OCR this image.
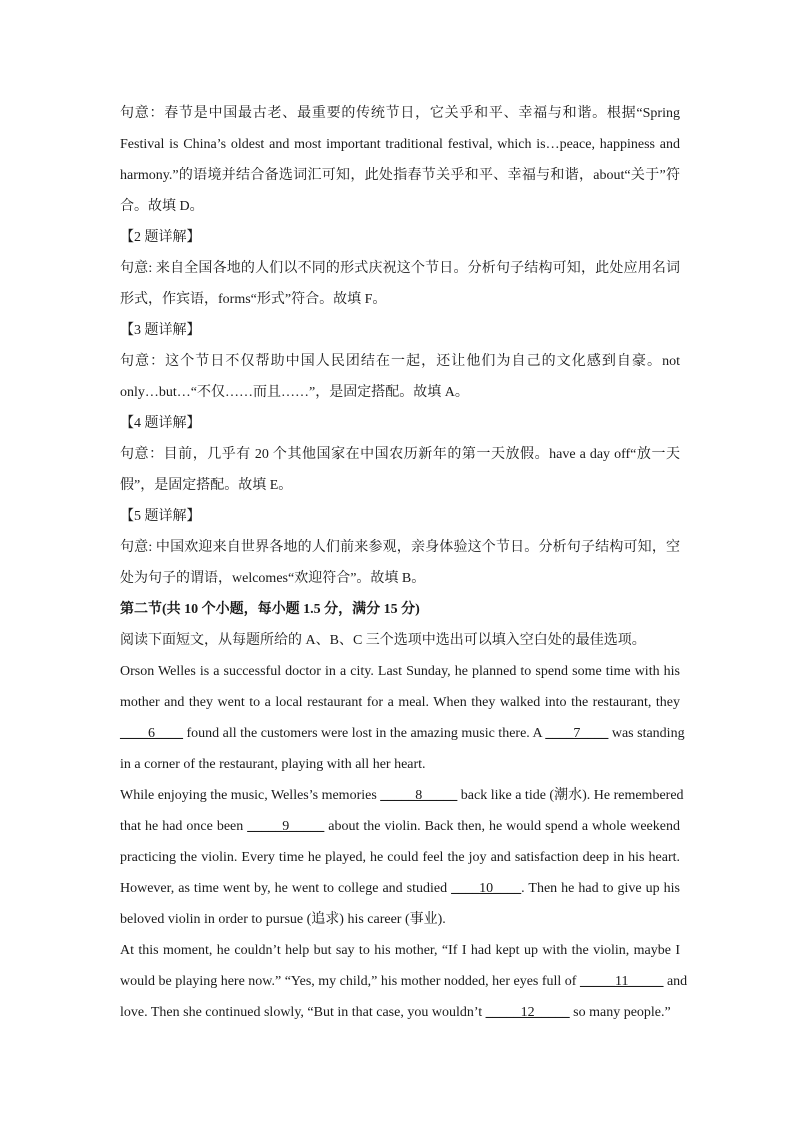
句意：春节是中国最古老、最重要的传统节日，它关乎和平、幸福与和谐。根据“Spring
Festival is China’s oldest and most important traditional festival, which is…peace, happiness and
harmony.”的语境并结合备选词汇可知，此处指春节关乎和平、幸福与和谐，about“关于”符
合。故填 D。
【2 题详解】
句意: 来自全国各地的人们以不同的形式庆祝这个节日。分析句子结构可知，此处应用名词
形式，作宾语，forms“形式”符合。故填 F。
【3 题详解】
句意：这个节日不仅帮助中国人民团结在一起，还让他们为自己的文化感到自豪。not
only…but…“不仅……而且……”，是固定搭配。故填 A。
【4 题详解】
句意：目前，几乎有 20 个其他国家在中国农历新年的第一天放假。have a day off“放一天
假”，是固定搭配。故填 E。
【5 题详解】
句意: 中国欢迎来自世界各地的人们前来参观，亲身体验这个节日。分析句子结构可知，空
处为句子的谓语，welcomes“欢迎符合”。故填 B。
第二节(共 10 个小题，每小题 1.5 分，满分 15 分)
阅读下面短文，从每题所给的 A、B、C 三个选项中选出可以填入空白处的最佳选项。
Orson Welles is a successful doctor in a city. Last Sunday, he planned to spend some time with his
mother and they went to a local restaurant for a meal. When they walked into the restaurant, they
____6____ found all the customers were lost in the amazing music there. A ____7____ was standing
in a corner of the restaurant, playing with all her heart.
While enjoying the music, Welles’s memories _____8_____ back like a tide (潮水). He remembered
that he had once been _____9_____ about the violin. Back then, he would spend a whole weekend
practicing the violin. Every time he played, he could feel the joy and satisfaction deep in his heart.
However, as time went by, he went to college and studied ____10____. Then he had to give up his
beloved violin in order to pursue (追求) his career (事业).
At this moment, he couldn’t help but say to his mother, “If I had kept up with the violin, maybe I
would be playing here now.” “Yes, my child,” his mother nodded, her eyes full of _____11_____ and
love. Then she continued slowly, “But in that case, you wouldn’t _____12_____ so many people.”
